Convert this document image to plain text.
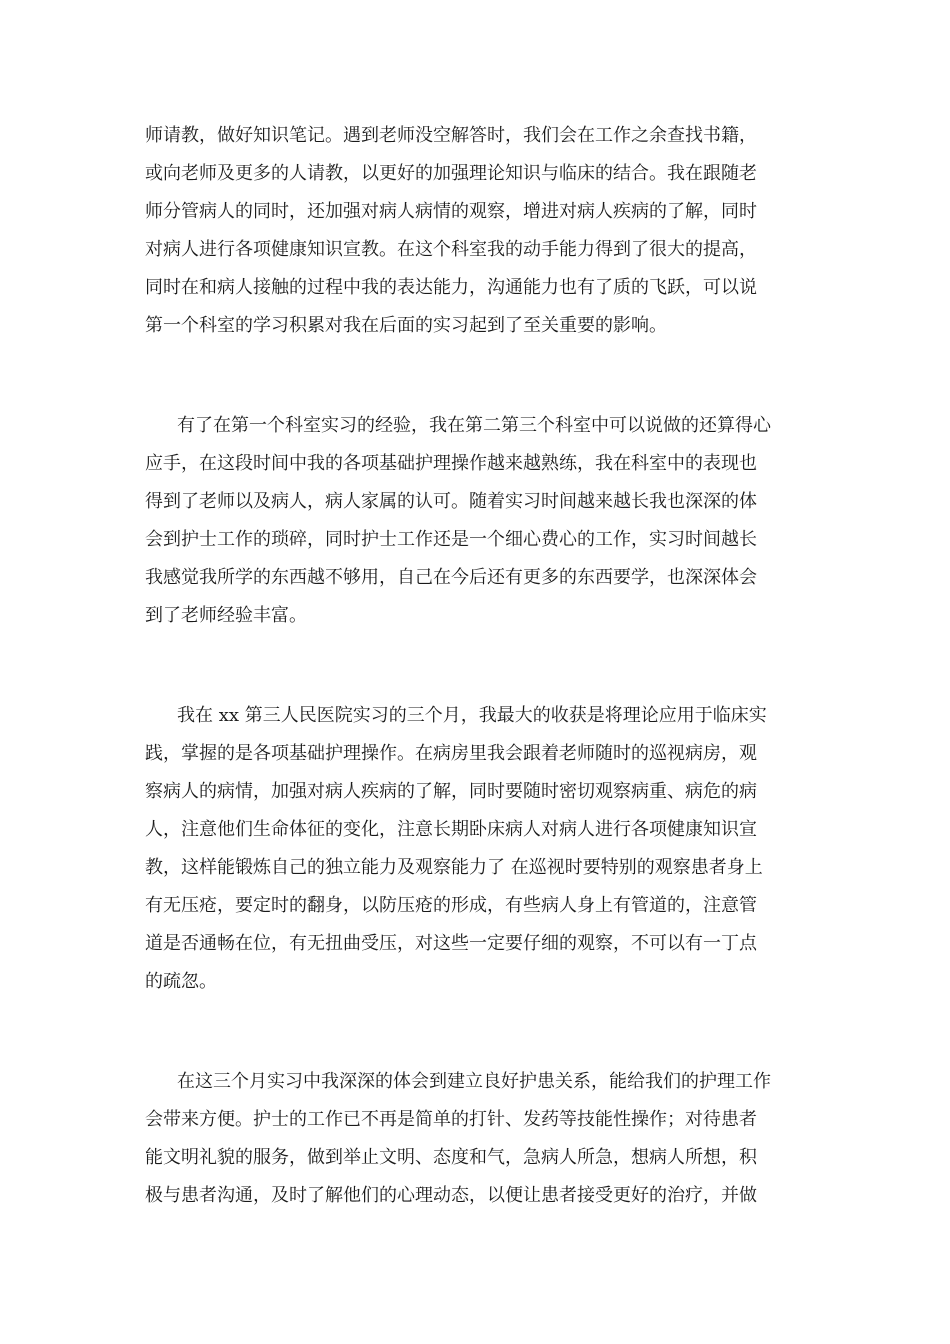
师请教，做好知识笔记。遇到老师没空解答时，我们会在工作之余查找书籍，
或向老师及更多的人请教，以更好的加强理论知识与临床的结合。我在跟随老
师分管病人的同时，还加强对病人病情的观察，增进对病人疾病的了解，同时
对病人进行各项健康知识宣教。在这个科室我的动手能力得到了很大的提高，
同时在和病人接触的过程中我的表达能力，沟通能力也有了质的飞跃，可以说
第一个科室的学习积累对我在后面的实习起到了至关重要的影响。
有了在第一个科室实习的经验，我在第二第三个科室中可以说做的还算得心
应手，在这段时间中我的各项基础护理操作越来越熟练，我在科室中的表现也
得到了老师以及病人，病人家属的认可。随着实习时间越来越长我也深深的体
会到护士工作的琐碎，同时护士工作还是一个细心费心的工作，实习时间越长
我感觉我所学的东西越不够用，自己在今后还有更多的东西要学，也深深体会
到了老师经验丰富。
我在 xx 第三人民医院实习的三个月，我最大的收获是将理论应用于临床实
践，掌握的是各项基础护理操作。在病房里我会跟着老师随时的巡视病房，观
察病人的病情，加强对病人疾病的了解，同时要随时密切观察病重、病危的病
人，注意他们生命体征的变化，注意长期卧床病人对病人进行各项健康知识宣
教，这样能锻炼自己的独立能力及观察能力了 在巡视时要特别的观察患者身上
有无压疮，要定时的翻身，以防压疮的形成，有些病人身上有管道的，注意管
道是否通畅在位，有无扭曲受压，对这些一定要仔细的观察，不可以有一丁点
的疏忽。
在这三个月实习中我深深的体会到建立良好护患关系，能给我们的护理工作
会带来方便。护士的工作已不再是简单的打针、发药等技能性操作；对待患者
能文明礼貌的服务，做到举止文明、态度和气，急病人所急，想病人所想，积
极与患者沟通，及时了解他们的心理动态，以便让患者接受更好的治疗，并做
